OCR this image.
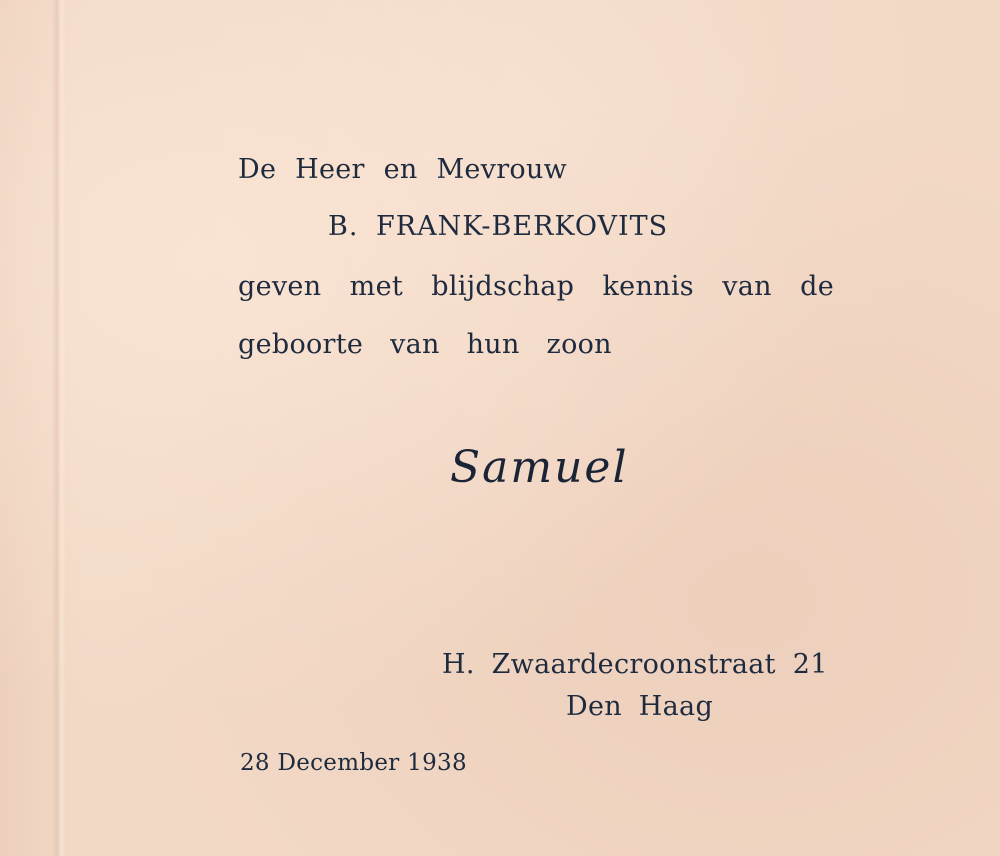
De Heer en Mevrouw
B. FRANK-BERKOVITS
geven met blijdschap kennis van de
geboorte van hun zoon
Samuel
H. Zwaardecroonstraat 21
Den Haag
28 December 1938
